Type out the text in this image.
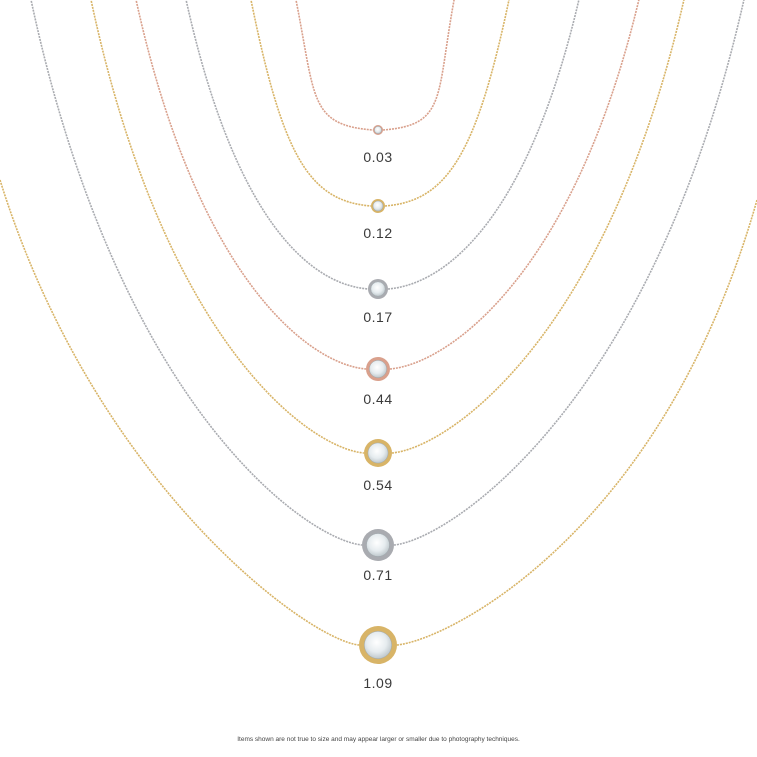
0.03
0.12
0.17
0.44
0.54
0.71
1.09
Items shown are not true to size and may appear larger or smaller due to photography techniques.
